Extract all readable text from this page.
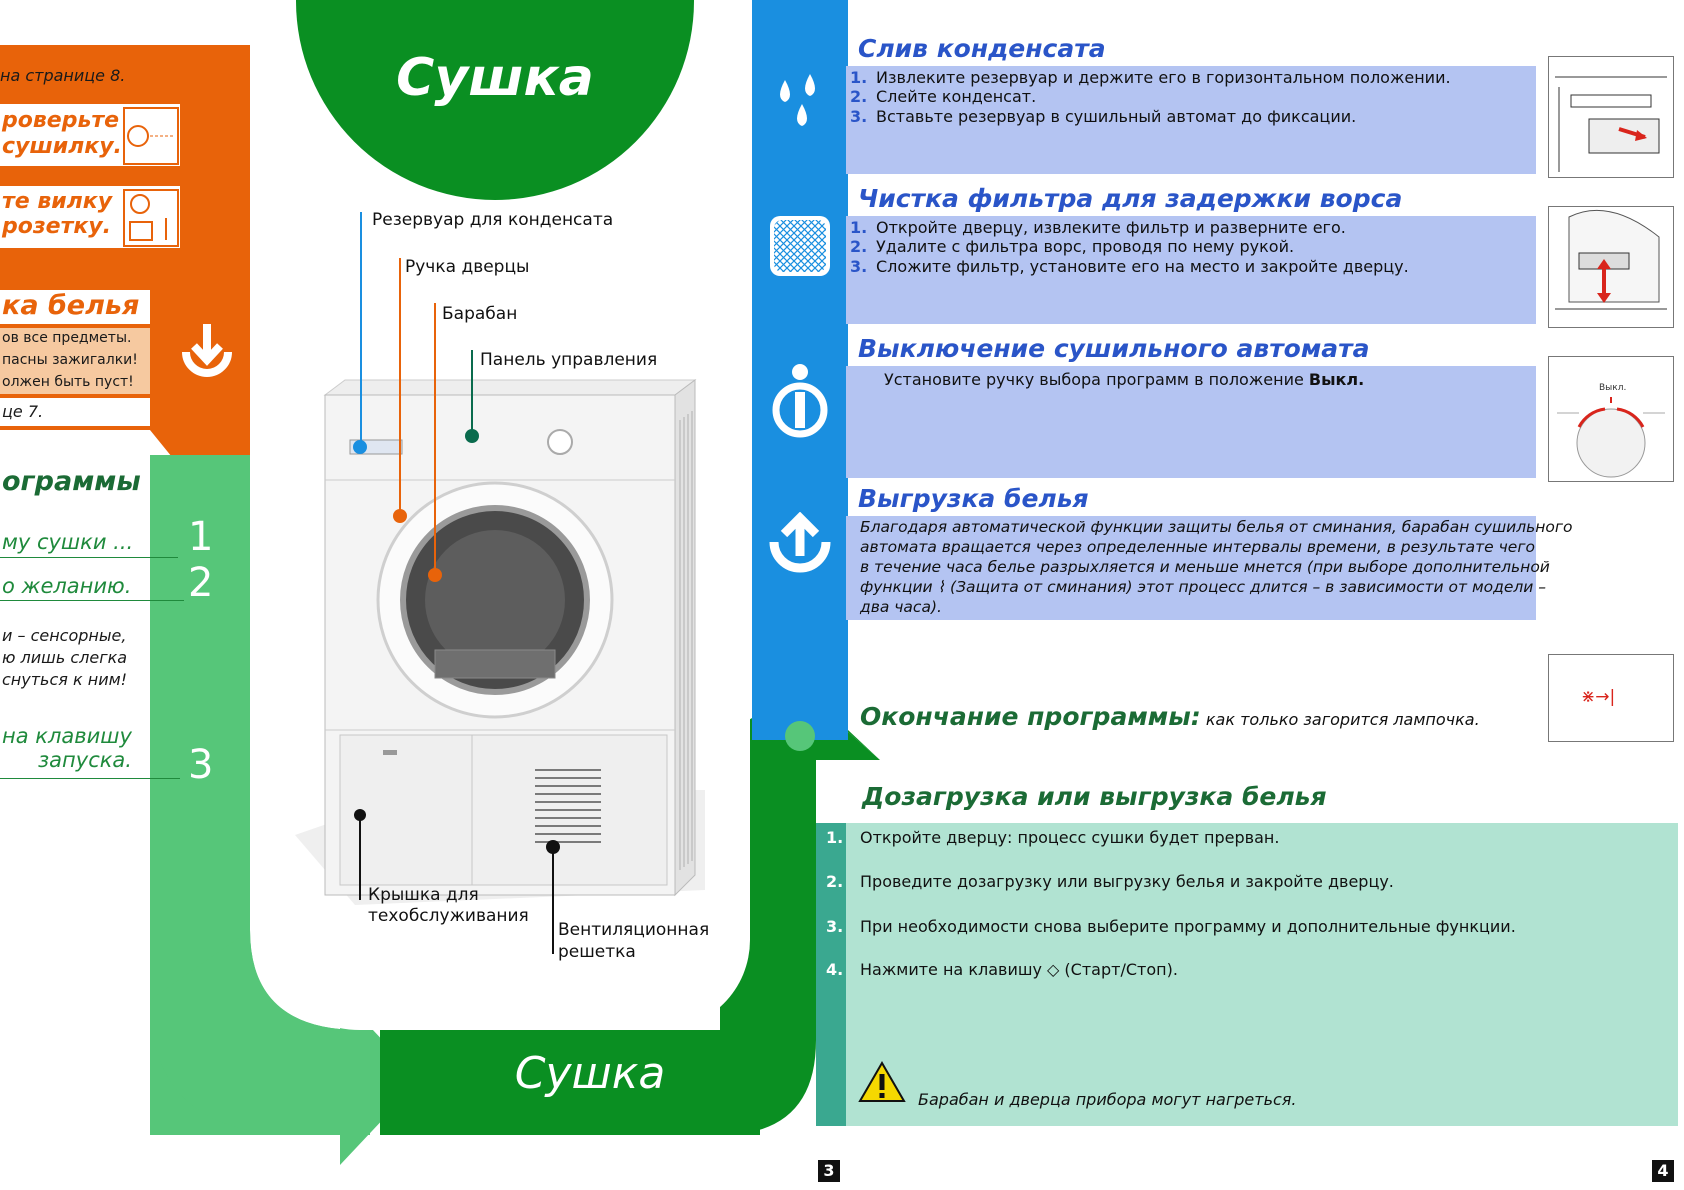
Сушка
на странице 8.
роверьте
сушилку.
те вилку
розетку.
ка белья
ов все предметы.
пасны зажигалки!
олжен быть пуст!
це 7.
ограммы
му сушки ...
о желанию.
и – сенсорные,
ю лишь слегка
снуться к ним!
на клавишу
запуска.
1
2
3
Резервуар для конденсата
Ручка дверцы
Барабан
Панель управления
Крышка для
техобслуживания
Вентиляционная
решетка
Сушка
Слив конденсата
1. Извлеките резервуар и держите его в горизонтальном положении.
2. Слейте конденсат.
3. Вставьте резервуар в сушильный автомат до фиксации.
Чистка фильтра для задержки ворса
1. Откройте дверцу, извлеките фильтр и разверните его.
2. Удалите с фильтра ворс, проводя по нему рукой.
3. Сложите фильтр, установите его на место и закройте дверцу.
Выключение сушильного автомата
Установите ручку выбора программ в положение Выкл.	Выкл.
Выгрузка белья
Благодаря автоматической функции защиты белья от сминания, барабан сушильного
автомата вращается через определенные интервалы времени, в результате чего
в течение часа белье разрыхляется и меньше мнется (при выборе дополнительной
функции ⌇ (Защита от сминания) этот процесс длится – в зависимости от модели –
два часа).
Окончание программы: как только загорится лампочка.
⋇→|
Дозагрузка или выгрузка белья
1. Откройте дверцу: процесс сушки будет прерван.
2. Проведите дозагрузку или выгрузку белья и закройте дверцу.
3. При необходимости снова выберите программу и дополнительные функции.
4. Нажмите на клавишу ◇ (Старт/Стоп).
Барабан и дверца прибора могут нагреться.
3	4
